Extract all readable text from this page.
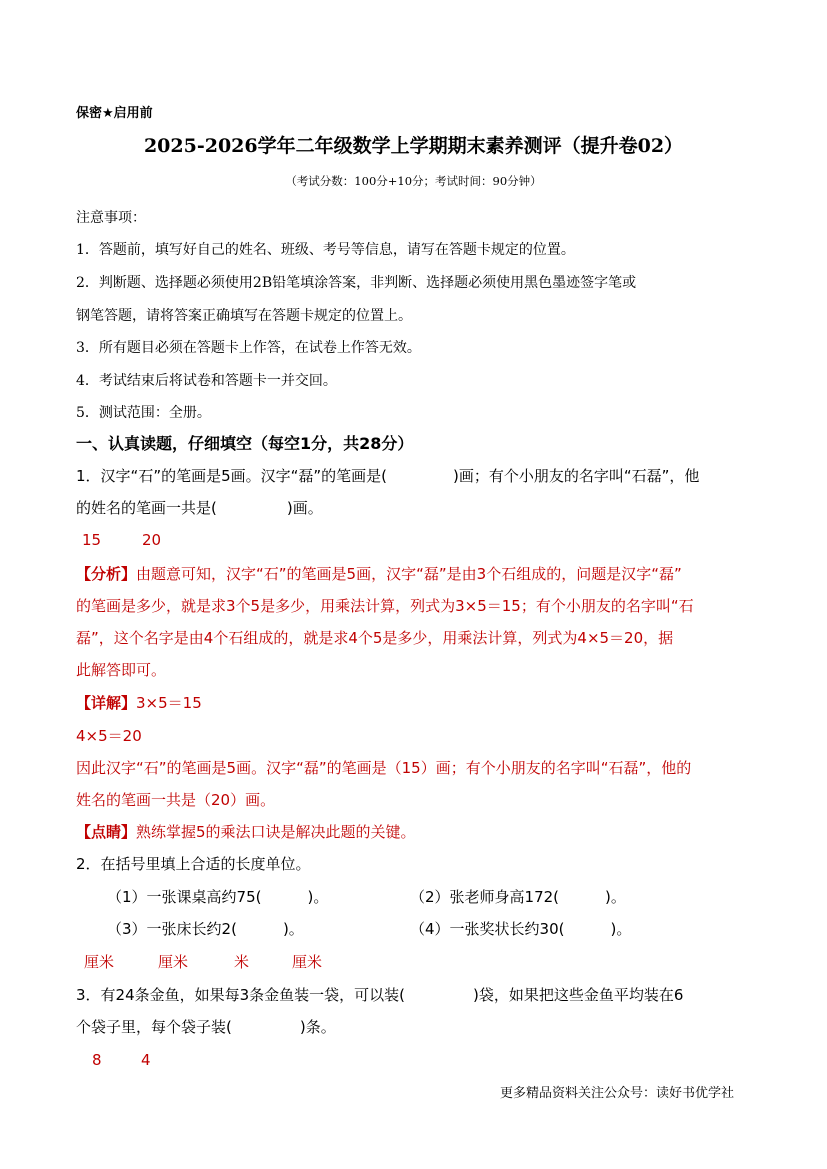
保密★启用前
2025-2026学年二年级数学上学期期末素养测评（提升卷02）
（考试分数：100分+10分；考试时间：90分钟）
注意事项：
1．答题前，填写好自己的姓名、班级、考号等信息，请写在答题卡规定的位置。
2．判断题、选择题必须使用2B铅笔填涂答案，非判断、选择题必须使用黑色墨迹签字笔或
钢笔答题，请将答案正确填写在答题卡规定的位置上。
3．所有题目必须在答题卡上作答，在试卷上作答无效。
4．考试结束后将试卷和答题卡一并交回。
5．测试范围：全册。
一、认真读题，仔细填空（每空1分，共28分）
1．汉字“石”的笔画是5画。汉字“磊”的笔画是(	)画；有个小朋友的名字叫“石磊”，他
的姓名的笔画一共是(	)画。
15	20
【分析】由题意可知，汉字“石”的笔画是5画，汉字“磊”是由3个石组成的，问题是汉字“磊”
的笔画是多少，就是求3个5是多少，用乘法计算，列式为3×5＝15；有个小朋友的名字叫“石
磊”，这个名字是由4个石组成的，就是求4个5是多少，用乘法计算，列式为4×5＝20，据
此解答即可。
【详解】3×5＝15
4×5＝20
因此汉字“石”的笔画是5画。汉字“磊”的笔画是（15）画；有个小朋友的名字叫“石磊”，他的
姓名的笔画一共是（20）画。
【点睛】熟练掌握5的乘法口诀是解决此题的关键。
2．在括号里填上合适的长度单位。
（1）一张课桌高约75(	)。	（2）张老师身高172(	)。
（3）一张床长约2(	)。	（4）一张奖状长约30(	)。
厘米	厘米	米	厘米
3．有24条金鱼，如果每3条金鱼装一袋，可以装(	)袋，如果把这些金鱼平均装在6
个袋子里，每个袋子装(	)条。
8	4
更多精品资料关注公众号：读好书优学社
